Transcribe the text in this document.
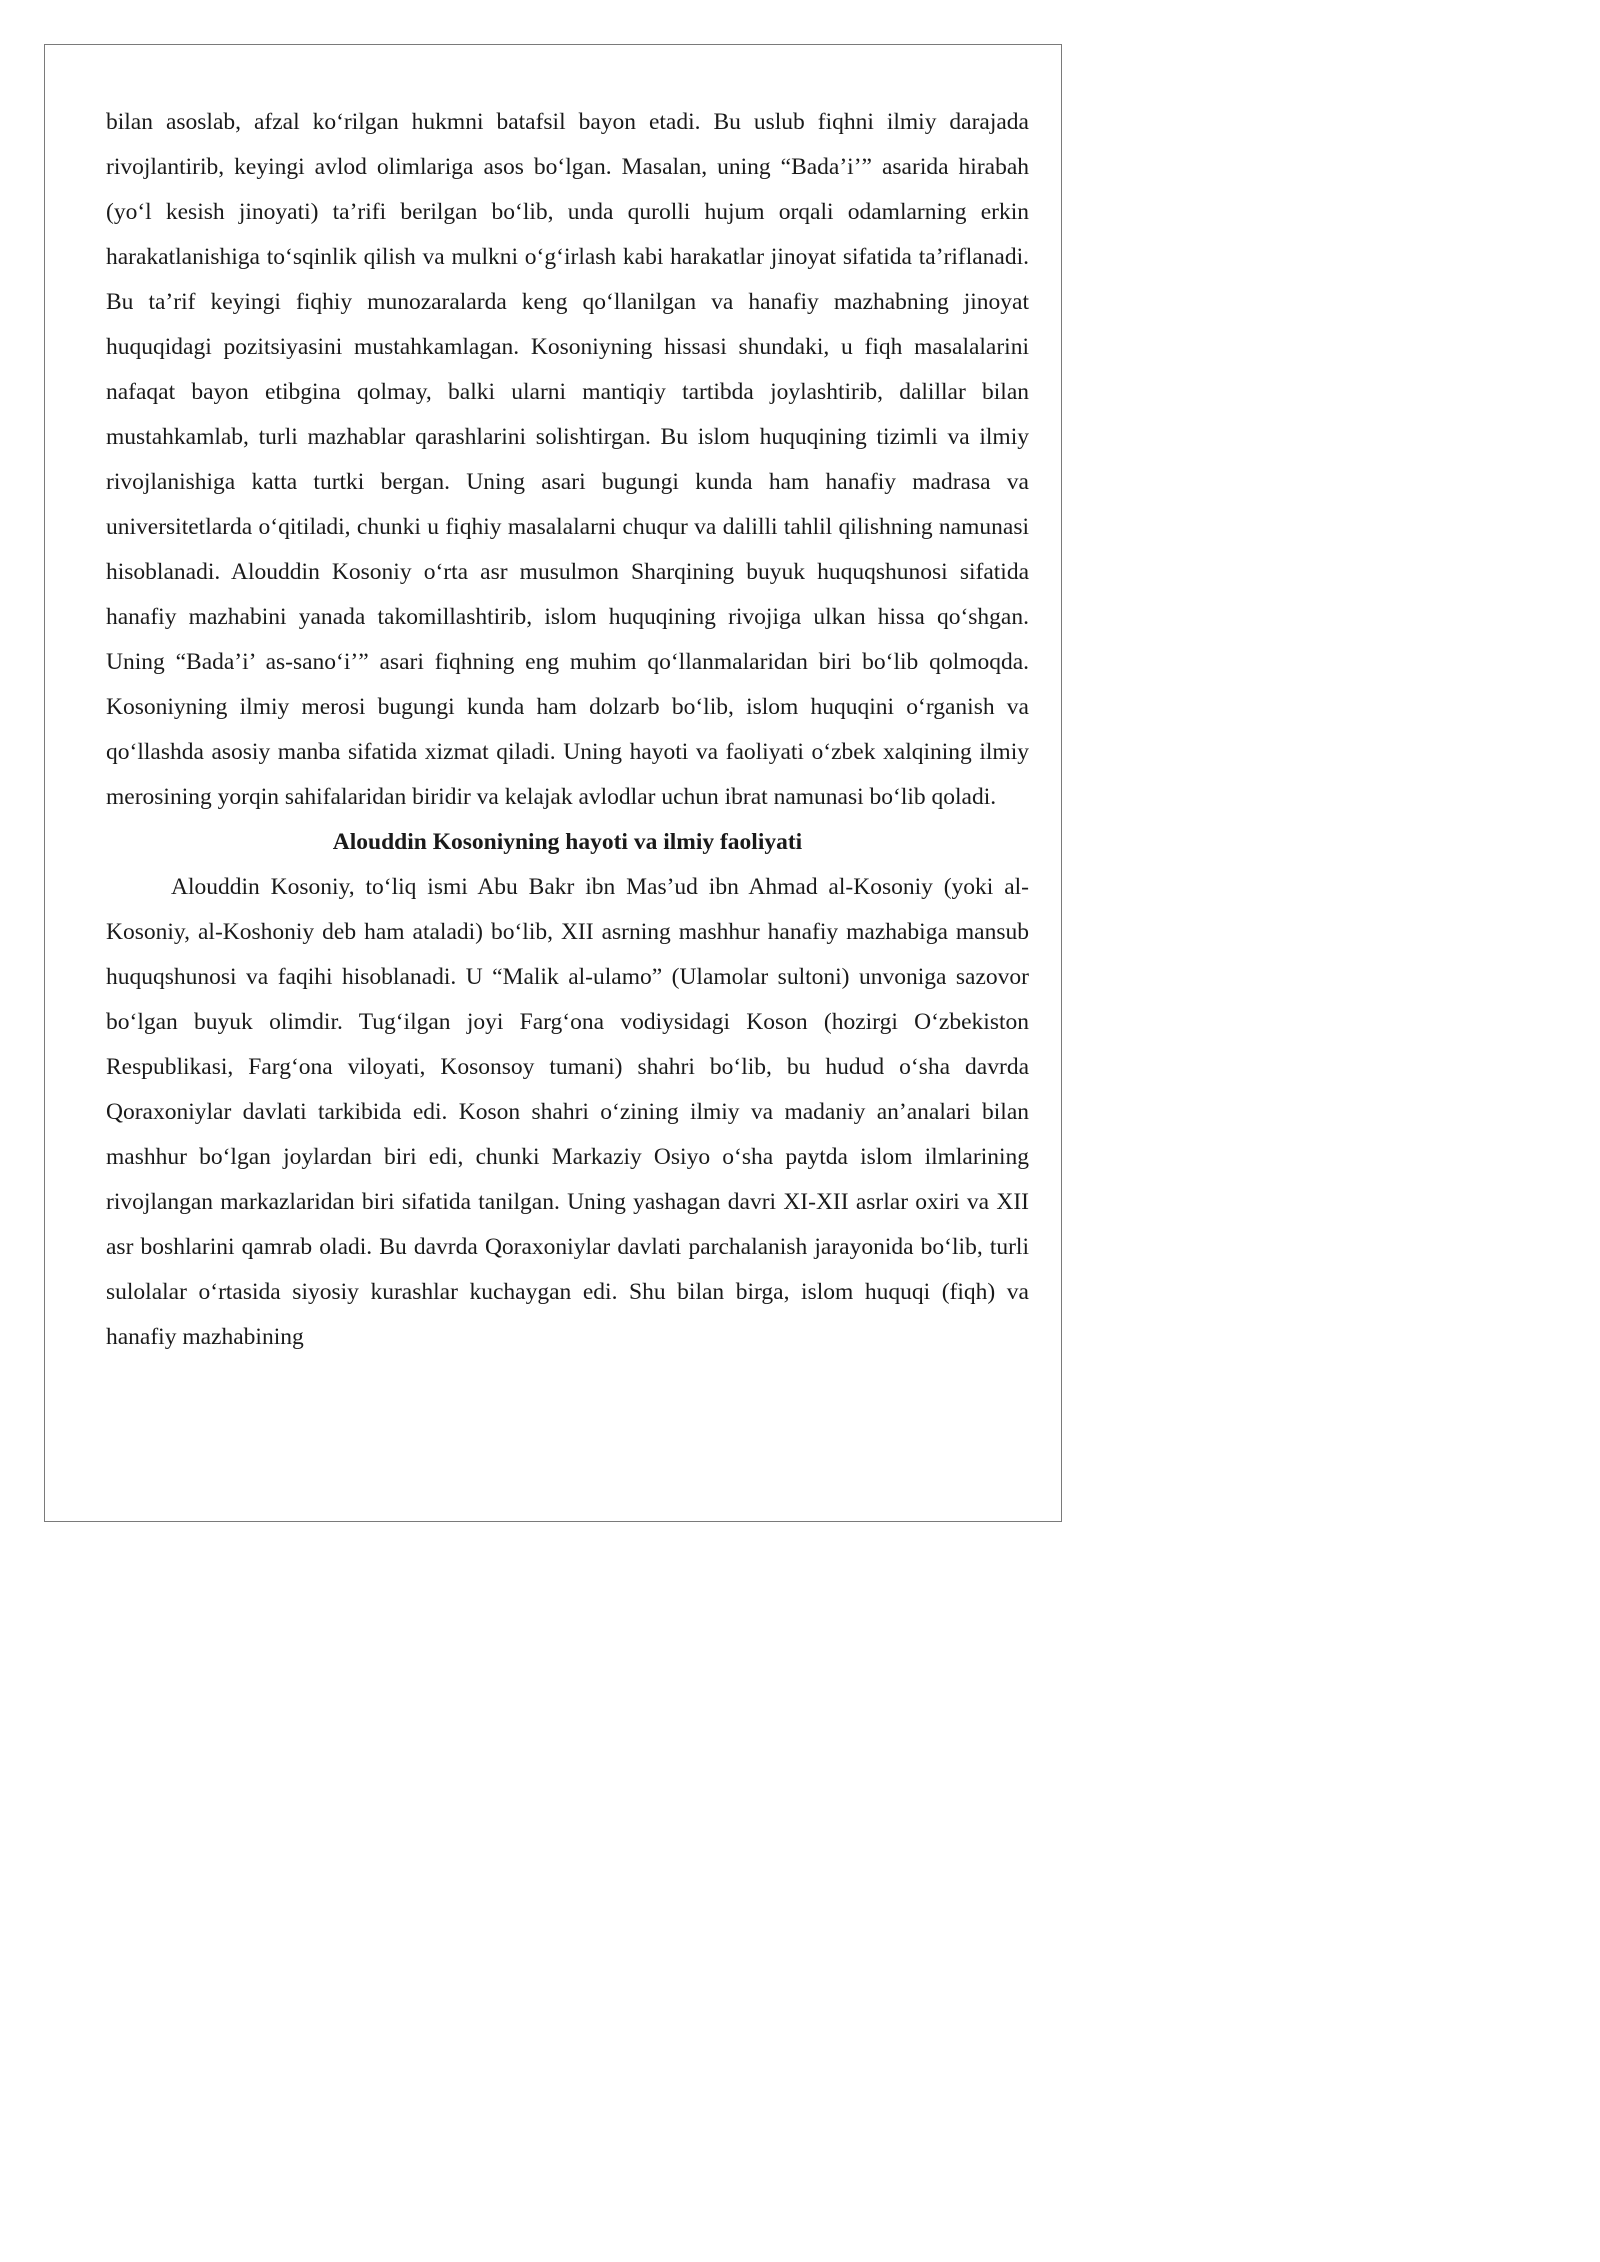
bilan asoslab, afzal ko‘rilgan hukmni batafsil bayon etadi. Bu uslub fiqhni ilmiy darajada rivojlantirib, keyingi avlod olimlariga asos bo‘lgan. Masalan, uning “Bada’i’” asarida hirabah (yo‘l kesish jinoyati) ta’rifi berilgan bo‘lib, unda qurolli hujum orqali odamlarning erkin harakatlanishiga to‘sqinlik qilish va mulkni o‘g‘irlash kabi harakatlar jinoyat sifatida ta’riflanadi. Bu ta’rif keyingi fiqhiy munozaralarda keng qo‘llanilgan va hanafiy mazhabning jinoyat huquqidagi pozitsiyasini mustahkamlagan. Kosoniyning hissasi shundaki, u fiqh masalalarini nafaqat bayon etibgina qolmay, balki ularni mantiqiy tartibda joylashtirib, dalillar bilan mustahkamlab, turli mazhablar qarashlarini solishtirgan. Bu islom huquqining tizimli va ilmiy rivojlanishiga katta turtki bergan. Uning asari bugungi kunda ham hanafiy madrasa va universitetlarda o‘qitiladi, chunki u fiqhiy masalalarni chuqur va dalilli tahlil qilishning namunasi hisoblanadi. Alouddin Kosoniy o‘rta asr musulmon Sharqining buyuk huquqshunosi sifatida hanafiy mazhabini yanada takomillashtirib, islom huquqining rivojiga ulkan hissa qo‘shgan. Uning “Bada’i’ as-sano‘i’” asari fiqhning eng muhim qo‘llanmalaridan biri bo‘lib qolmoqda. Kosoniyning ilmiy merosi bugungi kunda ham dolzarb bo‘lib, islom huquqini o‘rganish va qo‘llashda asosiy manba sifatida xizmat qiladi. Uning hayoti va faoliyati o‘zbek xalqining ilmiy merosining yorqin sahifalaridan biridir va kelajak avlodlar uchun ibrat namunasi bo‘lib qoladi.

Alouddin Kosoniyning hayoti va ilmiy faoliyati

Alouddin Kosoniy, to‘liq ismi Abu Bakr ibn Mas’ud ibn Ahmad al-Kosoniy (yoki al-Kosoniy, al-Koshoniy deb ham ataladi) bo‘lib, XII asrning mashhur hanafiy mazhabiga mansub huquqshunosi va faqihi hisoblanadi. U “Malik al-ulamo” (Ulamolar sultoni) unvoniga sazovor bo‘lgan buyuk olimdir. Tug‘ilgan joyi Farg‘ona vodiysidagi Koson (hozirgi O‘zbekiston Respublikasi, Farg‘ona viloyati, Kosonsoy tumani) shahri bo‘lib, bu hudud o‘sha davrda Qoraxoniylar davlati tarkibida edi. Koson shahri o‘zining ilmiy va madaniy an’analari bilan mashhur bo‘lgan joylardan biri edi, chunki Markaziy Osiyo o‘sha paytda islom ilmlarining rivojlangan markazlaridan biri sifatida tanilgan. Uning yashagan davri XI-XII asrlar oxiri va XII asr boshlarini qamrab oladi. Bu davrda Qoraxoniylar davlati parchalanish jarayonida bo‘lib, turli sulolalar o‘rtasida siyosiy kurashlar kuchaygan edi. Shu bilan birga, islom huquqi (fiqh) va hanafiy mazhabining
